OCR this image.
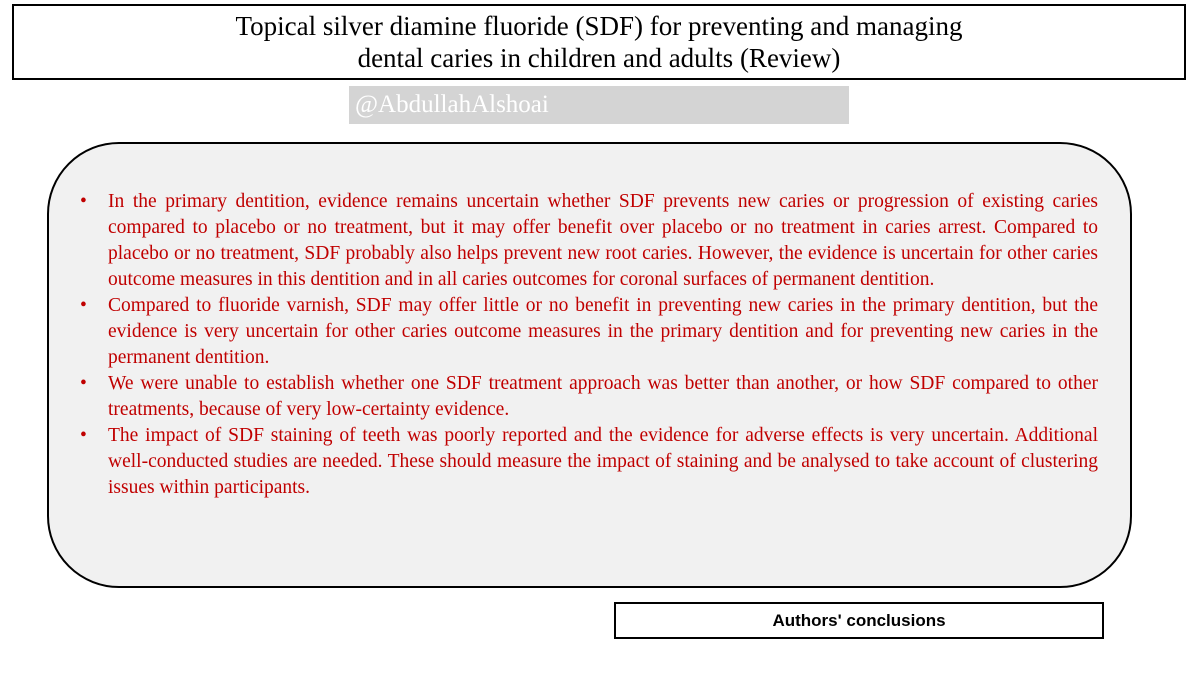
Topical silver diamine fluoride (SDF) for preventing and managing
dental caries in children and adults (Review)
@AbdullahAlshoai
•	In the primary dentition, evidence remains uncertain whether SDF prevents new caries or progression of existing caries compared to placebo or no treatment, but it may offer benefit over placebo or no treatment in caries arrest. Compared to placebo or no treatment, SDF probably also helps prevent new root caries. However, the evidence is uncertain for other caries outcome measures in this dentition and in all caries outcomes for coronal surfaces of permanent dentition.
•	Compared to fluoride varnish, SDF may offer little or no benefit in preventing new caries in the primary dentition, but the evidence is very uncertain for other caries outcome measures in the primary dentition and for preventing new caries in the permanent dentition.
•	We were unable to establish whether one SDF treatment approach was better than another, or how SDF compared to other treatments, because of very low-certainty evidence.
•	The impact of SDF staining of teeth was poorly reported and the evidence for adverse effects is very uncertain. Additional well-conducted studies are needed. These should measure the impact of staining and be analysed to take account of clustering issues within participants.
Authors' conclusions
